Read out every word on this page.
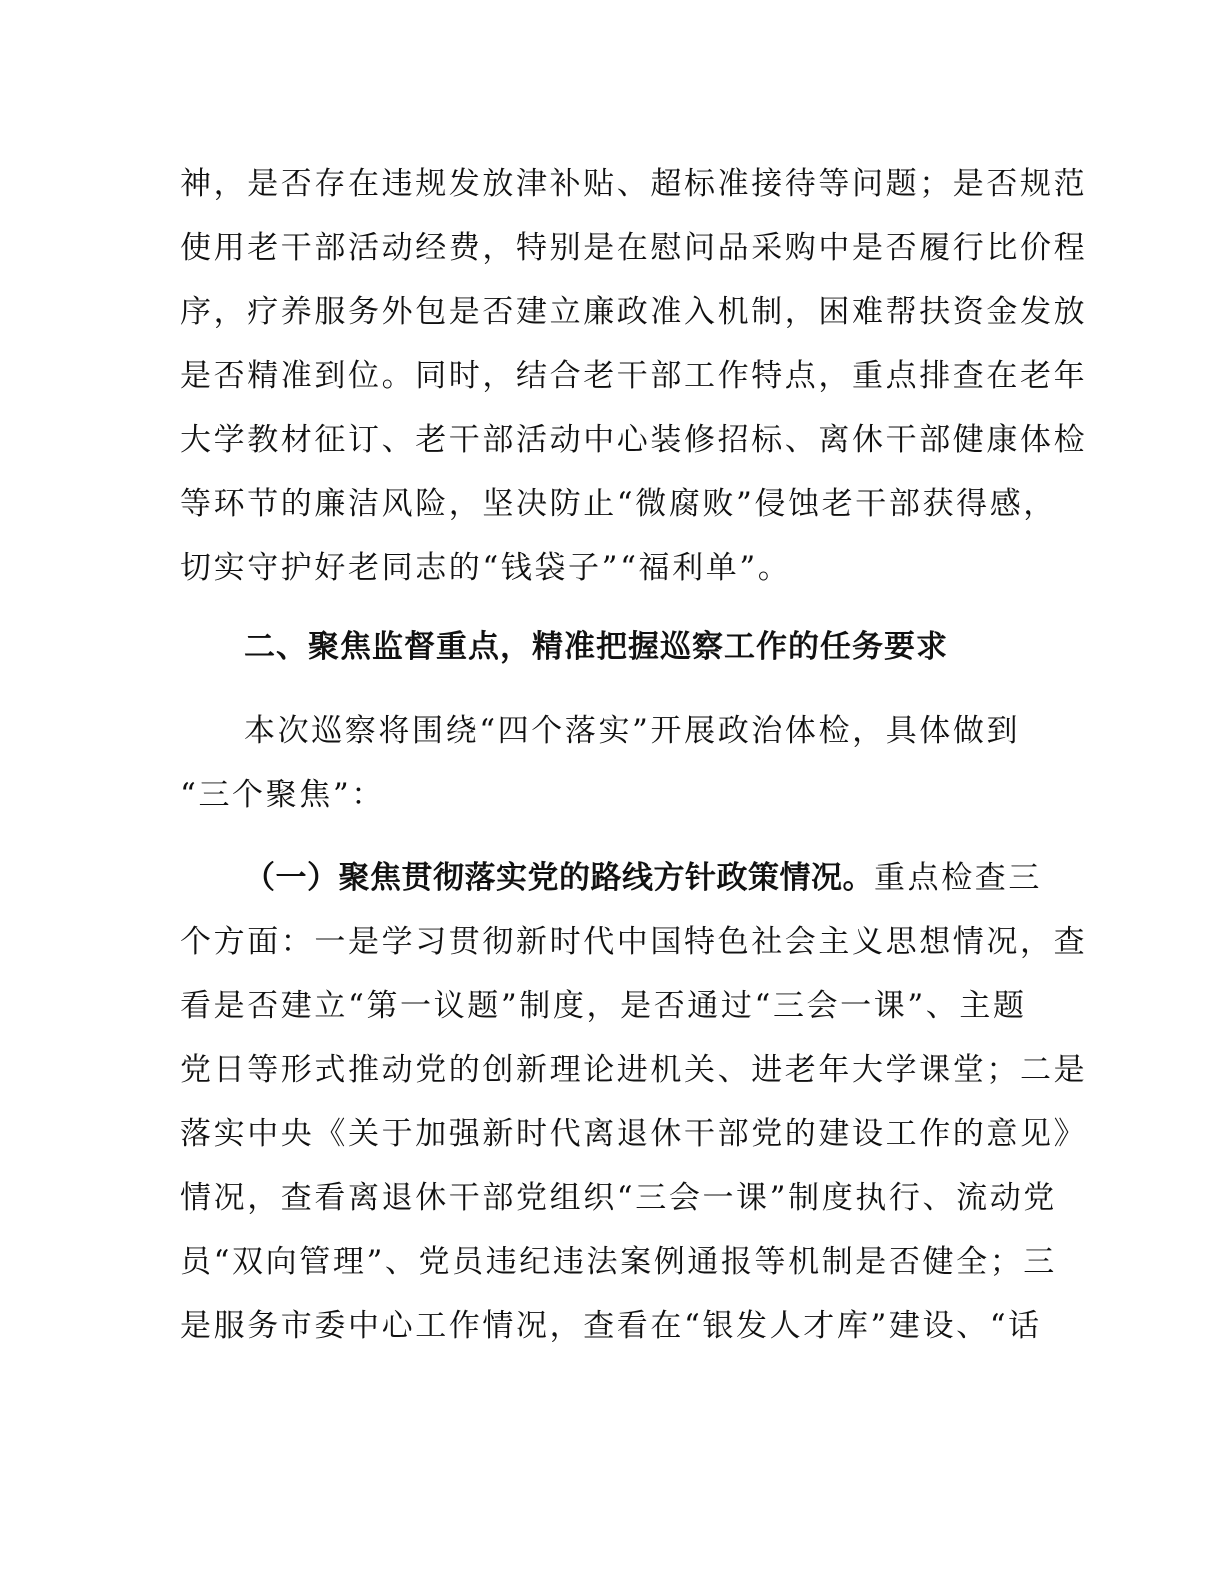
神，是否存在违规发放津补贴、超标准接待等问题；是否规范
使用老干部活动经费，特别是在慰问品采购中是否履行比价程
序，疗养服务外包是否建立廉政准入机制，困难帮扶资金发放
是否精准到位。同时，结合老干部工作特点，重点排查在老年
大学教材征订、老干部活动中心装修招标、离休干部健康体检
等环节的廉洁风险，坚决防止“微腐败”侵蚀老干部获得感，
切实守护好老同志的“钱袋子”“福利单”。
二、聚焦监督重点，精准把握巡察工作的任务要求
本次巡察将围绕“四个落实”开展政治体检，具体做到
“三个聚焦”：
（一）聚焦贯彻落实党的路线方针政策情况。重点检查三
个方面：一是学习贯彻新时代中国特色社会主义思想情况，查
看是否建立“第一议题”制度，是否通过“三会一课”、主题
党日等形式推动党的创新理论进机关、进老年大学课堂；二是
落实中央《关于加强新时代离退休干部党的建设工作的意见》
情况，查看离退休干部党组织“三会一课”制度执行、流动党
员“双向管理”、党员违纪违法案例通报等机制是否健全；三
是服务市委中心工作情况，查看在“银发人才库”建设、“话
